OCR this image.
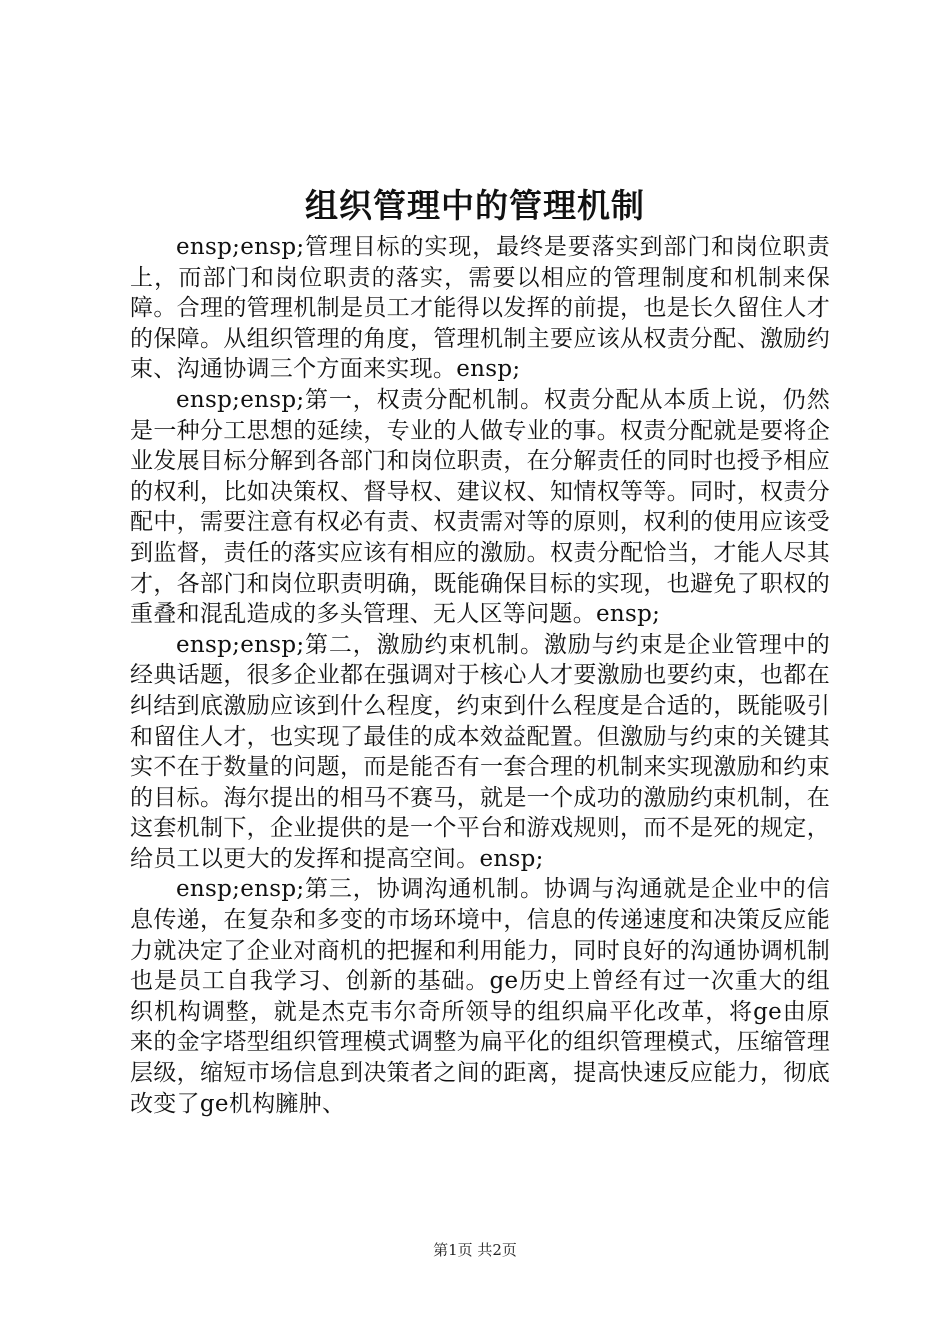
组织管理中的管理机制

ensp;ensp;管理目标的实现，最终是要落实到部门和岗位职责上，而部门和岗位职责的落实，需要以相应的管理制度和机制来保障。合理的管理机制是员工才能得以发挥的前提，也是长久留住人才的保障。从组织管理的角度，管理机制主要应该从权责分配、激励约束、沟通协调三个方面来实现。ensp;

ensp;ensp;第一，权责分配机制。权责分配从本质上说，仍然是一种分工思想的延续，专业的人做专业的事。权责分配就是要将企业发展目标分解到各部门和岗位职责，在分解责任的同时也授予相应的权利，比如决策权、督导权、建议权、知情权等等。同时，权责分配中，需要注意有权必有责、权责需对等的原则，权利的使用应该受到监督，责任的落实应该有相应的激励。权责分配恰当，才能人尽其才，各部门和岗位职责明确，既能确保目标的实现，也避免了职权的重叠和混乱造成的多头管理、无人区等问题。ensp;

ensp;ensp;第二，激励约束机制。激励与约束是企业管理中的经典话题，很多企业都在强调对于核心人才要激励也要约束，也都在纠结到底激励应该到什么程度，约束到什么程度是合适的，既能吸引和留住人才，也实现了最佳的成本效益配置。但激励与约束的关键其实不在于数量的问题，而是能否有一套合理的机制来实现激励和约束的目标。海尔提出的相马不赛马，就是一个成功的激励约束机制，在这套机制下，企业提供的是一个平台和游戏规则，而不是死的规定，给员工以更大的发挥和提高空间。ensp;

ensp;ensp;第三，协调沟通机制。协调与沟通就是企业中的信息传递，在复杂和多变的市场环境中，信息的传递速度和决策反应能力就决定了企业对商机的把握和利用能力，同时良好的沟通协调机制也是员工自我学习、创新的基础。ge历史上曾经有过一次重大的组织机构调整，就是杰克韦尔奇所领导的组织扁平化改革，将ge由原来的金字塔型组织管理模式调整为扁平化的组织管理模式，压缩管理层级，缩短市场信息到决策者之间的距离，提高快速反应能力，彻底改变了ge机构臃肿、

第1页 共2页
